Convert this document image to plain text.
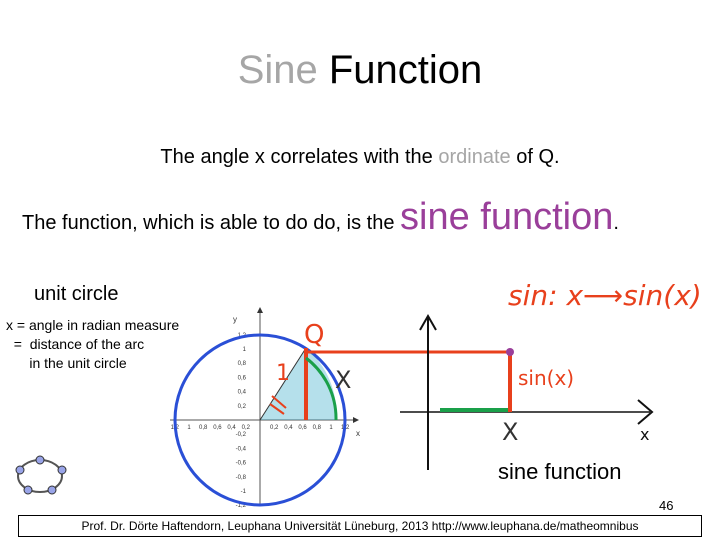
Sine Function
The angle x correlates with the ordinate of Q.
The function, which is able to do do, is the sine function.
unit circle
x = angle in radian measure
=  distance of the arc
in the unit circle
y
x
1,2
1
0,8
0,6
0,4
0,2
-0,2
-0,4
-0,6
-0,8
-1
-1,2
1,2 1 0,8 0,6 0,4 0,2	0,2 0,4 0,6 0,8 1 1,2
sin: x⟶sin(x)
Q
1 X
x
sin(x)
X
sine function
46
Prof. Dr. Dörte Haftendorn, Leuphana Universität Lüneburg, 2013 http://www.leuphana.de/matheomnibus
